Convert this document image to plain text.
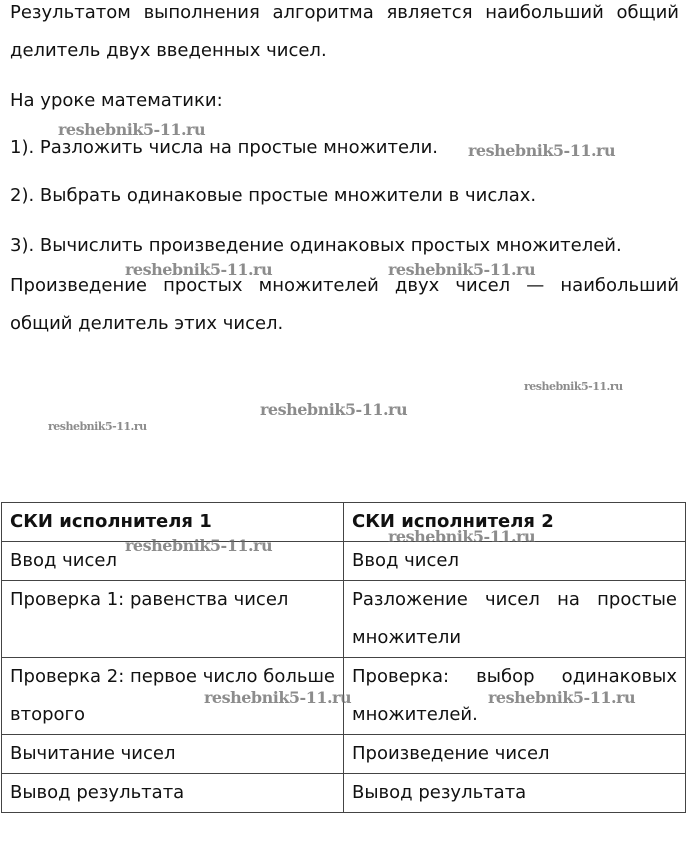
Результатом выполнения алгоритма является наибольший общий делитель двух введенных чисел.

На уроке математики:

1). Разложить числа на простые множители.

2). Выбрать одинаковые простые множители в числах.

3). Вычислить произведение одинаковых простых множителей.

Произведение простых множителей двух чисел — наибольший общий делитель этих чисел.

СКИ исполнителя 1	СКИ исполнителя 2
Ввод чисел	Ввод чисел
Проверка 1: равенства чисел	Разложение чисел на простые множители
Проверка 2: первое число больше второго	Проверка: выбор одинаковых множителей.
Вычитание чисел	Произведение чисел
Вывод результата	Вывод результата
reshebnik5-11.ru
reshebnik5-11.ru
reshebnik5-11.ru	reshebnik5-11.ru
reshebnik5-11.ru
reshebnik5-11.ru
reshebnik5-11.ru
reshebnik5-11.ru	reshebnik5-11.ru
reshebnik5-11.ru	reshebnik5-11.ru
